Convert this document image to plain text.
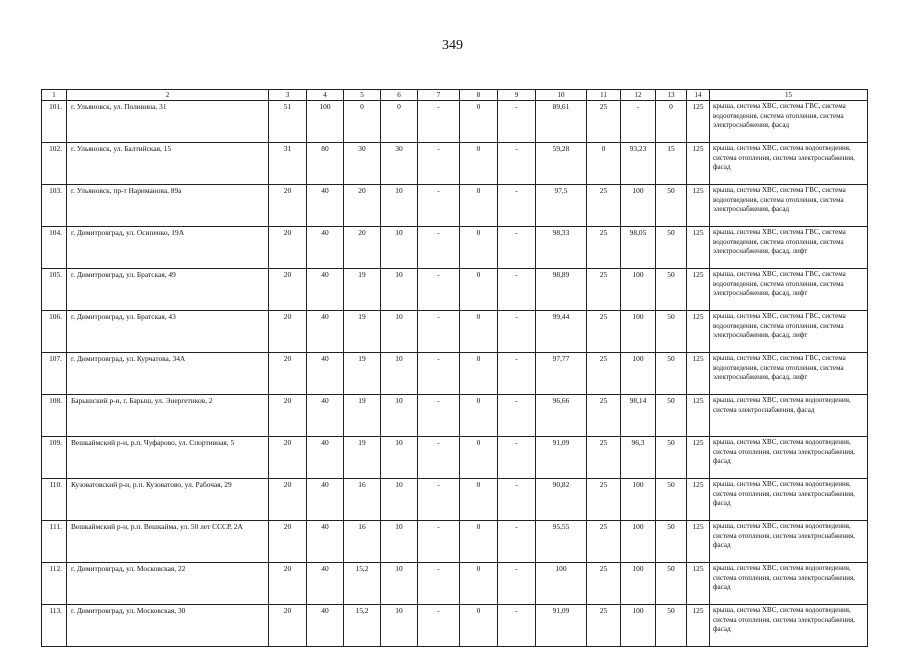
349
1	2	3	4	5	6	7	8	9	10	11	12	13	14	15
101.	г. Ульяновск, ул. Поливина, 31	51	100	0	0	-	0	-	89,61	25	-	0	125	крыша, система ХВС, система ГВС, система водоотведения, система отопления, система электроснабжения, фасад
102.	г. Ульяновск, ул. Балтийская, 15	31	80	30	30	-	0	-	59,28	0	93,23	15	125	крыша, система ХВС, система водоотведения, система отопления, система электроснабжения, фасад
103.	г. Ульяновск, пр-т Нариманова, 89а	20	40	20	10	-	0	-	97,5	25	100	50	125	крыша, система ХВС, система ГВС, система водоотведения, система отопления, система электроснабжения, фасад
104.	г. Димитровград, ул. Осипенко, 19А	20	40	20	10	-	0	-	98,33	25	98,05	50	125	крыша, система ХВС, система ГВС, система водоотведения, система отопления, система электроснабжения, фасад, лифт
105.	г. Димитровград, ул. Братская, 49	20	40	19	10	-	0	-	98,89	25	100	50	125	крыша, система ХВС, система ГВС, система водоотведения, система отопления, система электроснабжения, фасад, лифт
106.	г. Димитровград, ул. Братская, 43	20	40	19	10	-	0	-	99,44	25	100	50	125	крыша, система ХВС, система ГВС, система водоотведения, система отопления, система электроснабжения, фасад, лифт
107.	г. Димитровград, ул. Курчатова, 34А	20	40	19	10	-	0	-	97,77	25	100	50	125	крыша, система ХВС, система ГВС, система водоотведения, система отопления, система электроснабжения, фасад, лифт
108.	Барышский р-н, г. Барыш, ул. Энергетиков, 2	20	40	19	10	-	0	-	96,66	25	98,14	50	125	крыша, система ХВС, система водоотведения, система электроснабжения, фасад
109.	Вешкаймский р-н, р.п. Чуфарово, ул. Спортивная, 5	20	40	19	10	-	0	-	91,09	25	96,3	50	125	крыша, система ХВС, система водоотведения, система отопления, система электроснабжения, фасад
110.	Кузоватовский р-н, р.п. Кузоватово, ул. Рабочая, 29	20	40	16	10	-	0	-	90,82	25	100	50	125	крыша, система ХВС, система водоотведения, система отопления, система электроснабжения, фасад
111.	Вешкаймский р-н, р.п. Вешкайма, ул. 50 лет СССР, 2А	20	40	16	10	-	0	-	95,55	25	100	50	125	крыша, система ХВС, система водоотведения, система отопления, система электроснабжения, фасад
112.	г. Димитровград, ул. Московская, 22	20	40	15,2	10	-	0	-	100	25	100	50	125	крыша, система ХВС, система водоотведения, система отопления, система электроснабжения, фасад
113.	г. Димитровград, ул. Московская, 30	20	40	15,2	10	-	0	-	91,09	25	100	50	125	крыша, система ХВС, система водоотведения, система отопления, система электроснабжения, фасад
